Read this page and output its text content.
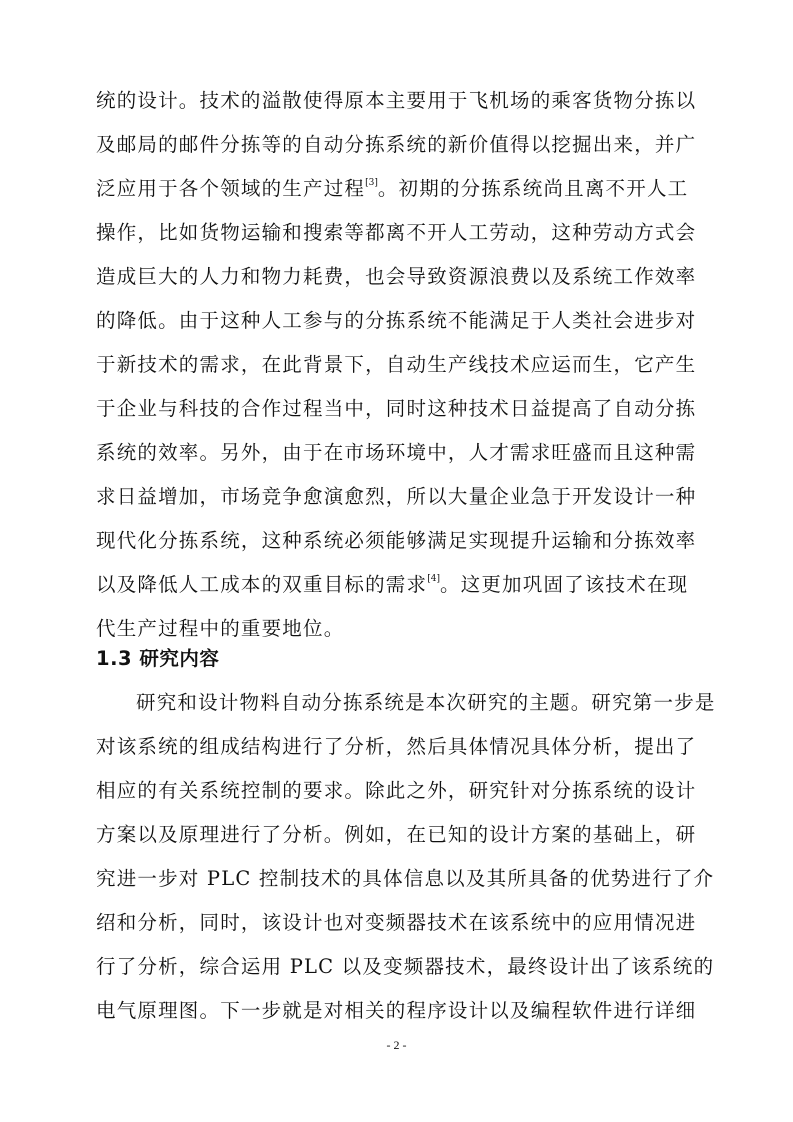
统的设计。技术的溢散使得原本主要用于飞机场的乘客货物分拣以
及邮局的邮件分拣等的自动分拣系统的新价值得以挖掘出来，并广
泛应用于各个领域的生产过程[3]。初期的分拣系统尚且离不开人工
操作，比如货物运输和搜索等都离不开人工劳动，这种劳动方式会
造成巨大的人力和物力耗费，也会导致资源浪费以及系统工作效率
的降低。由于这种人工参与的分拣系统不能满足于人类社会进步对
于新技术的需求，在此背景下，自动生产线技术应运而生，它产生
于企业与科技的合作过程当中，同时这种技术日益提高了自动分拣
系统的效率。另外，由于在市场环境中，人才需求旺盛而且这种需
求日益增加，市场竞争愈演愈烈，所以大量企业急于开发设计一种
现代化分拣系统，这种系统必须能够满足实现提升运输和分拣效率
以及降低人工成本的双重目标的需求[4]。这更加巩固了该技术在现
代生产过程中的重要地位。
1.3 研究内容
研究和设计物料自动分拣系统是本次研究的主题。研究第一步是
对该系统的组成结构进行了分析，然后具体情况具体分析，提出了
相应的有关系统控制的要求。除此之外，研究针对分拣系统的设计
方案以及原理进行了分析。例如，在已知的设计方案的基础上，研
究进一步对 PLC 控制技术的具体信息以及其所具备的优势进行了介
绍和分析，同时，该设计也对变频器技术在该系统中的应用情况进
行了分析，综合运用 PLC 以及变频器技术，最终设计出了该系统的
电气原理图。下一步就是对相关的程序设计以及编程软件进行详细
- 2 -
